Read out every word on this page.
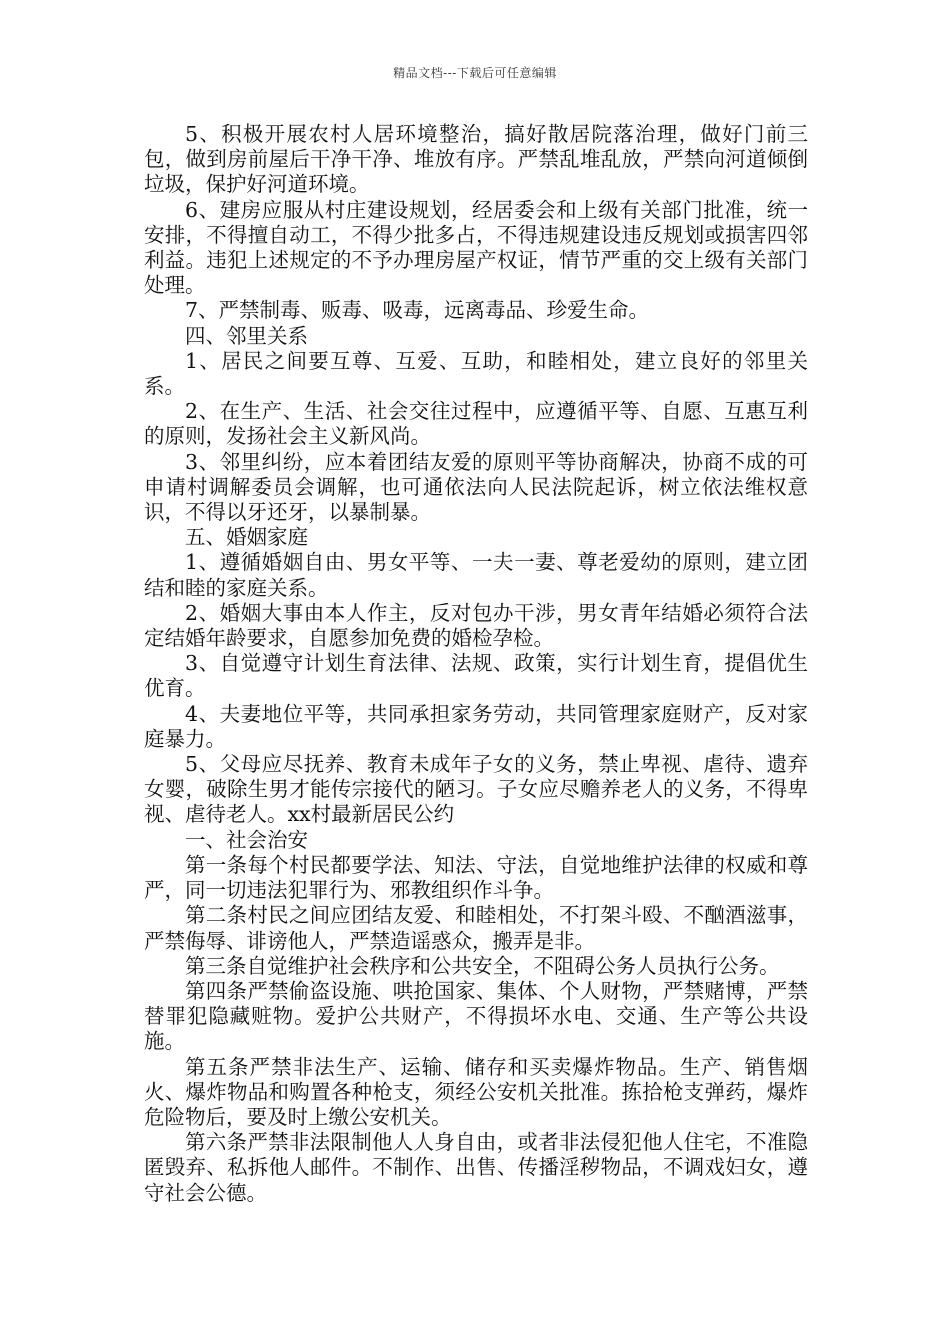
精品文档---下载后可任意编辑

5、积极开展农村人居环境整治，搞好散居院落治理，做好门前三包，做到房前屋后干净干净、堆放有序。严禁乱堆乱放，严禁向河道倾倒垃圾，保护好河道环境。

6、建房应服从村庄建设规划，经居委会和上级有关部门批准，统一安排，不得擅自动工，不得少批多占，不得违规建设违反规划或损害四邻利益。违犯上述规定的不予办理房屋产权证，情节严重的交上级有关部门处理。

7、严禁制毒、贩毒、吸毒，远离毒品、珍爱生命。

四、邻里关系

1、居民之间要互尊、互爱、互助，和睦相处，建立良好的邻里关系。

2、在生产、生活、社会交往过程中，应遵循平等、自愿、互惠互利的原则，发扬社会主义新风尚。

3、邻里纠纷，应本着团结友爱的原则平等协商解决，协商不成的可申请村调解委员会调解，也可通依法向人民法院起诉，树立依法维权意识，不得以牙还牙，以暴制暴。

五、婚姻家庭

1、遵循婚姻自由、男女平等、一夫一妻、尊老爱幼的原则，建立团结和睦的家庭关系。

2、婚姻大事由本人作主，反对包办干涉，男女青年结婚必须符合法定结婚年龄要求，自愿参加免费的婚检孕检。

3、自觉遵守计划生育法律、法规、政策，实行计划生育，提倡优生优育。

4、夫妻地位平等，共同承担家务劳动，共同管理家庭财产，反对家庭暴力。

5、父母应尽抚养、教育未成年子女的义务，禁止卑视、虐待、遗弃女婴，破除生男才能传宗接代的陋习。子女应尽赡养老人的义务，不得卑视、虐待老人。xx村最新居民公约

一、社会治安

第一条每个村民都要学法、知法、守法，自觉地维护法律的权威和尊严，同一切违法犯罪行为、邪教组织作斗争。

第二条村民之间应团结友爱、和睦相处，不打架斗殴、不酗酒滋事，严禁侮辱、诽谤他人，严禁造谣惑众，搬弄是非。

第三条自觉维护社会秩序和公共安全，不阻碍公务人员执行公务。

第四条严禁偷盗设施、哄抢国家、集体、个人财物，严禁赌博，严禁替罪犯隐藏赃物。爱护公共财产，不得损坏水电、交通、生产等公共设施。

第五条严禁非法生产、运输、储存和买卖爆炸物品。生产、销售烟火、爆炸物品和购置各种枪支，须经公安机关批准。拣拾枪支弹药，爆炸危险物后，要及时上缴公安机关。

第六条严禁非法限制他人人身自由，或者非法侵犯他人住宅，不准隐匿毁弃、私拆他人邮件。不制作、出售、传播淫秽物品，不调戏妇女，遵守社会公德。
